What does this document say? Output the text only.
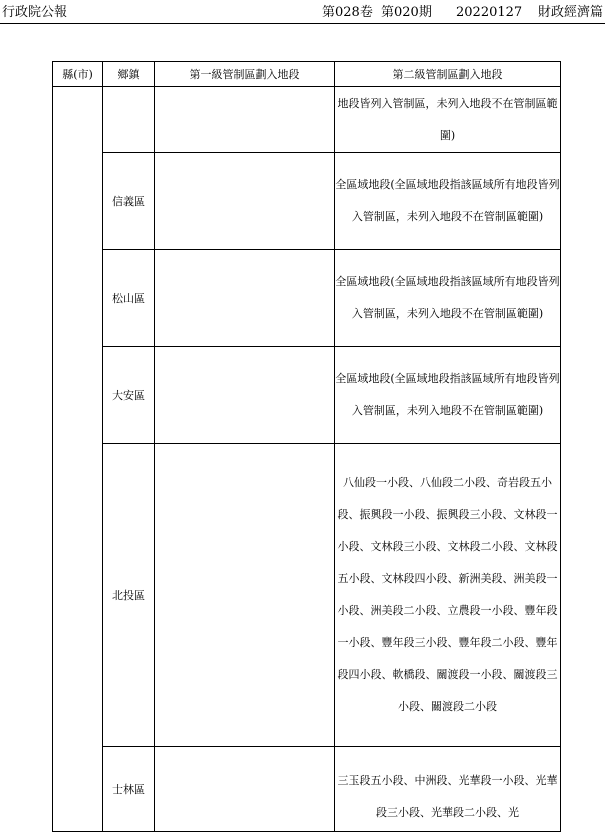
行政院公報	第028卷 第020期 20220127 財政經濟篇
縣(市)	鄉鎮	第一級管制區劃入地段	第二級管制區劃入地段
			地段皆列入管制區，未列入地段不在管制區範圍)
	信義區		全區域地段(全區域地段指該區域所有地段皆列入管制區，未列入地段不在管制區範圍)
	松山區		全區域地段(全區域地段指該區域所有地段皆列入管制區，未列入地段不在管制區範圍)
	大安區		全區域地段(全區域地段指該區域所有地段皆列入管制區，未列入地段不在管制區範圍)
	北投區		八仙段一小段、八仙段二小段、奇岩段五小段、振興段一小段、振興段三小段、文林段一小段、文林段三小段、文林段二小段、文林段五小段、文林段四小段、新洲美段、洲美段一小段、洲美段二小段、立農段一小段、豐年段一小段、豐年段三小段、豐年段二小段、豐年段四小段、軟橋段、關渡段一小段、關渡段三小段、關渡段二小段
	士林區		三玉段五小段、中洲段、光華段一小段、光華段三小段、光華段二小段、光
